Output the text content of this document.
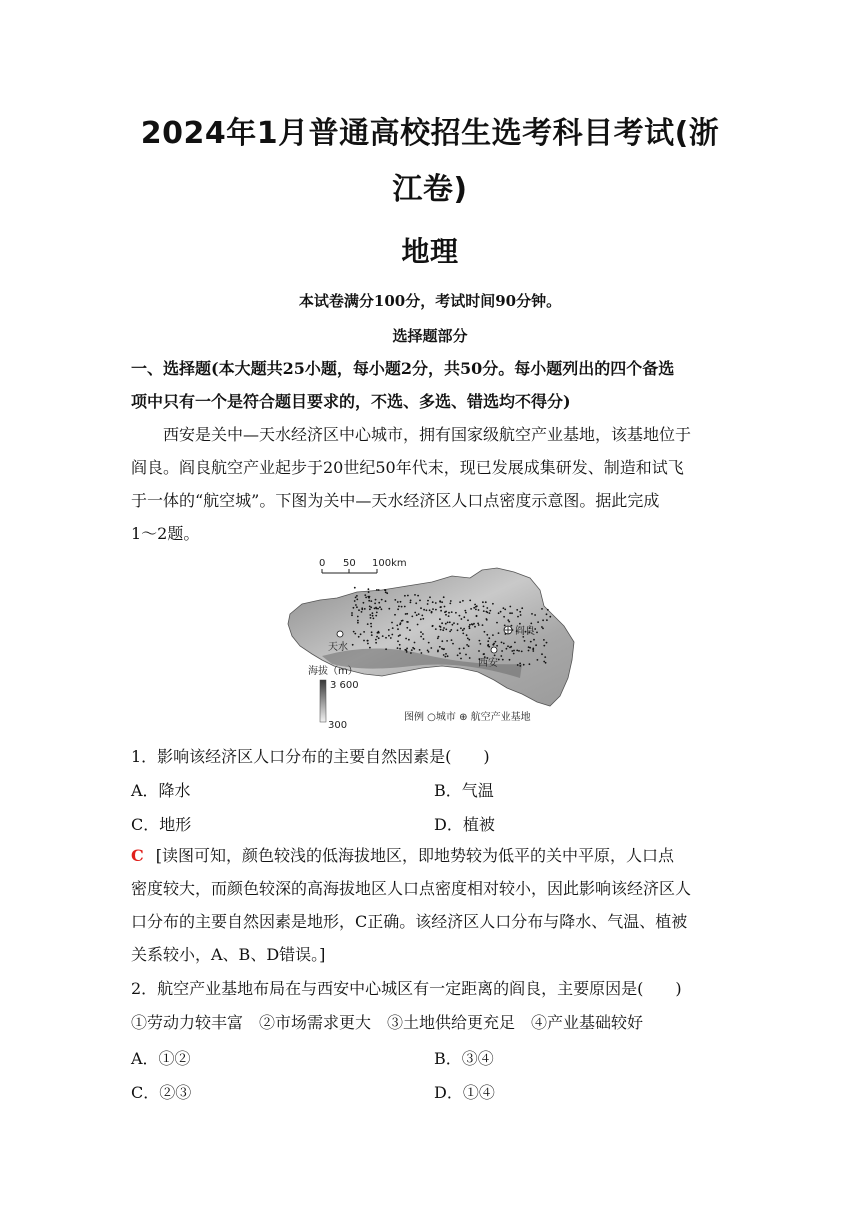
2024年1月普通高校招生选考科目考试(浙
江卷)
地理
本试卷满分100分，考试时间90分钟。
选择题部分
一、选择题(本大题共25小题，每小题2分，共50分。每小题列出的四个备选
项中只有一个是符合题目要求的，不选、多选、错选均不得分)
西安是关中—天水经济区中心城市，拥有国家级航空产业基地，该基地位于
阎良。阎良航空产业起步于20世纪50年代末，现已发展成集研发、制造和试飞
于一体的“航空城”。下图为关中—天水经济区人口点密度示意图。据此完成
1～2题。
0 50 100km
天水
西安
阎良
海拔（m）
3 600
300
图例 ○城市 ⊕ 航空产业基地
1．影响该经济区人口分布的主要自然因素是(　　)
A．降水	B．气温
C．地形	D．植被
C [读图可知，颜色较浅的低海拔地区，即地势较为低平的关中平原，人口点
密度较大，而颜色较深的高海拔地区人口点密度相对较小，因此影响该经济区人
口分布的主要自然因素是地形，C正确。该经济区人口分布与降水、气温、植被
关系较小，A、B、D错误。]
2．航空产业基地布局在与西安中心城区有一定距离的阎良，主要原因是(　　)
①劳动力较丰富　②市场需求更大　③土地供给更充足　④产业基础较好
A．①②	B．③④
C．②③	D．①④
